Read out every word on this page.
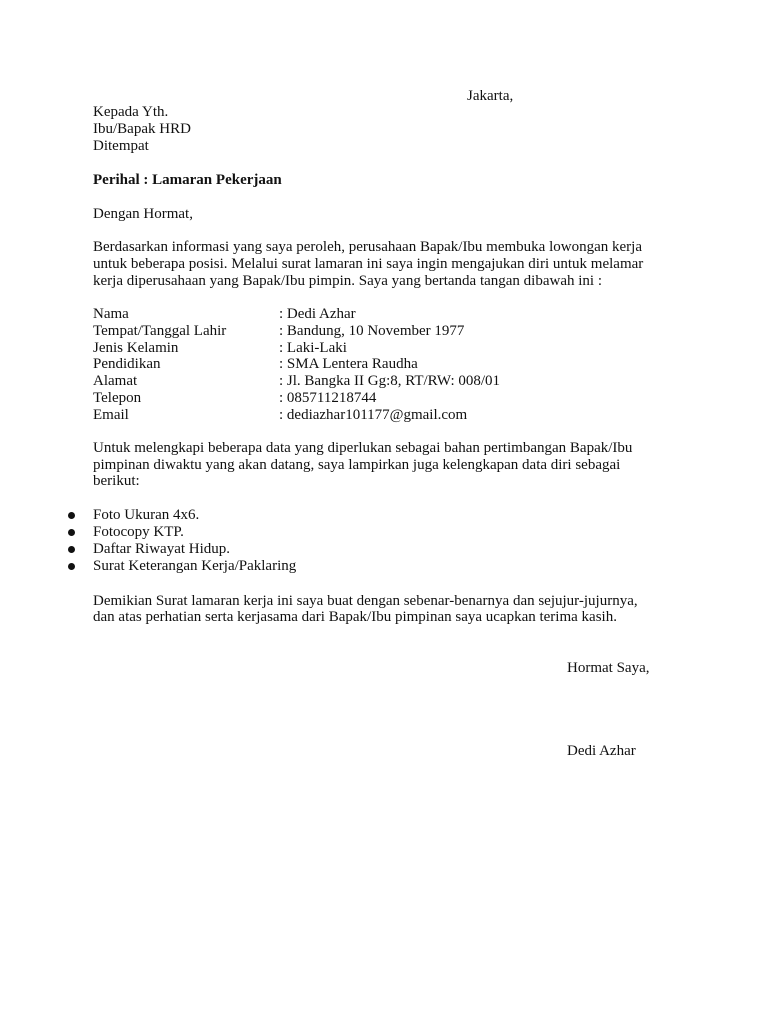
Jakarta,
Kepada Yth.
Ibu/Bapak HRD
Ditempat
Perihal : Lamaran Pekerjaan
Dengan Hormat,
Berdasarkan informasi yang saya peroleh, perusahaan Bapak/Ibu membuka lowongan kerja
untuk beberapa posisi. Melalui surat lamaran ini saya ingin mengajukan diri untuk melamar
kerja diperusahaan yang Bapak/Ibu pimpin. Saya yang bertanda tangan dibawah ini :
Nama	: Dedi Azhar
Tempat/Tanggal Lahir	: Bandung, 10 November 1977
Jenis Kelamin	: Laki-Laki
Pendidikan	: SMA Lentera Raudha
Alamat	: Jl. Bangka II Gg:8, RT/RW: 008/01
Telepon	: 085711218744
Email	: dediazhar101177@gmail.com
Untuk melengkapi beberapa data yang diperlukan sebagai bahan pertimbangan Bapak/Ibu
pimpinan diwaktu yang akan datang, saya lampirkan juga kelengkapan data diri sebagai
berikut:
Foto Ukuran 4x6.
Fotocopy KTP.
Daftar Riwayat Hidup.
Surat Keterangan Kerja/Paklaring
Demikian Surat lamaran kerja ini saya buat dengan sebenar-benarnya dan sejujur-jujurnya,
dan atas perhatian serta kerjasama dari Bapak/Ibu pimpinan saya ucapkan terima kasih.
Hormat Saya,
Dedi Azhar
